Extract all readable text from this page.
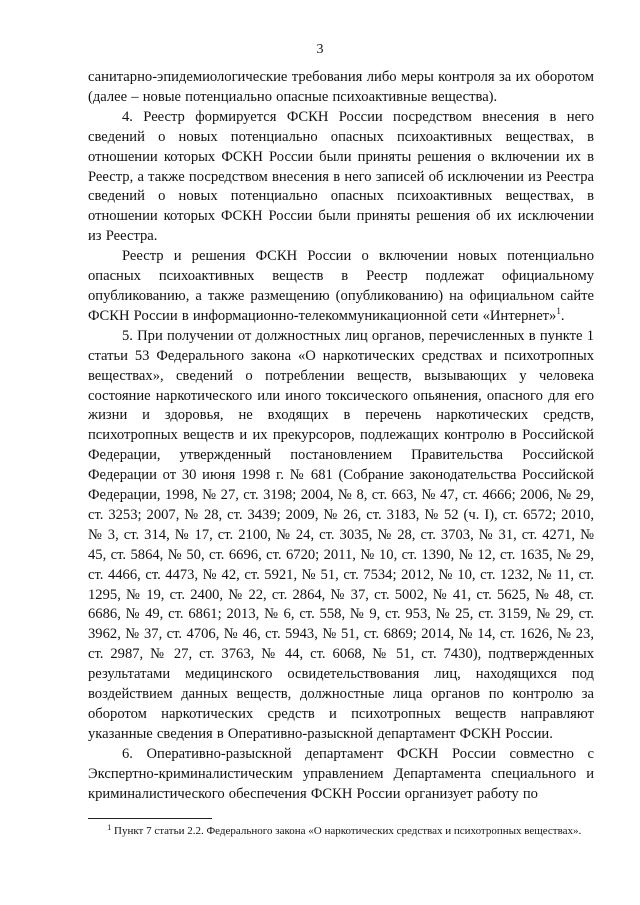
3

санитарно-эпидемиологические требования либо меры контроля за их оборотом (далее – новые потенциально опасные психоактивные вещества).

4. Реестр формируется ФСКН России посредством внесения в него сведений о новых потенциально опасных психоактивных веществах, в отношении которых ФСКН России были приняты решения о включении их в Реестр, а также посредством внесения в него записей об исключении из Реестра сведений о новых потенциально опасных психоактивных веществах, в отношении которых ФСКН России были приняты решения об их исключении из Реестра.

Реестр и решения ФСКН России о включении новых потенциально опасных психоактивных веществ в Реестр подлежат официальному опубликованию, а также размещению (опубликованию) на официальном сайте ФСКН России в информационно-телекоммуникационной сети «Интернет»$^1$.

5. При получении от должностных лиц органов, перечисленных в пункте 1 статьи 53 Федерального закона «О наркотических средствах и психотропных веществах», сведений о потреблении веществ, вызывающих у человека состояние наркотического или иного токсического опьянения, опасного для его жизни и здоровья, не входящих в перечень наркотических средств, психотропных веществ и их прекурсоров, подлежащих контролю в Российской Федерации, утвержденный постановлением Правительства Российской Федерации от 30 июня 1998 г. № 681 (Собрание законодательства Российской Федерации, 1998, № 27, ст. 3198; 2004, № 8, ст. 663, № 47, ст. 4666; 2006, № 29, ст. 3253; 2007, № 28, ст. 3439; 2009, № 26, ст. 3183, № 52 (ч. I), ст. 6572; 2010, № 3, ст. 314, № 17, ст. 2100, № 24, ст. 3035, № 28, ст. 3703, № 31, ст. 4271, № 45, ст. 5864, № 50, ст. 6696, ст. 6720; 2011, № 10, ст. 1390, № 12, ст. 1635, № 29, ст. 4466, ст. 4473, № 42, ст. 5921, № 51, ст. 7534; 2012, № 10, ст. 1232, № 11, ст. 1295, № 19, ст. 2400, № 22, ст. 2864, № 37, ст. 5002, № 41, ст. 5625, № 48, ст. 6686, № 49, ст. 6861; 2013, № 6, ст. 558, № 9, ст. 953, № 25, ст. 3159, № 29, ст. 3962, № 37, ст. 4706, № 46, ст. 5943, № 51, ст. 6869; 2014, № 14, ст. 1626, № 23, ст. 2987, № 27, ст. 3763, № 44, ст. 6068, № 51, ст. 7430), подтвержденных результатами медицинского освидетельствования лиц, находящихся под воздействием данных веществ, должностные лица органов по контролю за оборотом наркотических средств и психотропных веществ направляют указанные сведения в Оперативно-разыскной департамент ФСКН России.

6. Оперативно-разыскной департамент ФСКН России совместно с Экспертно-криминалистическим управлением Департамента специального и криминалистического обеспечения ФСКН России организует работу по

$^1$ Пункт 7 статьи 2.2. Федерального закона «О наркотических средствах и психотропных веществах».
